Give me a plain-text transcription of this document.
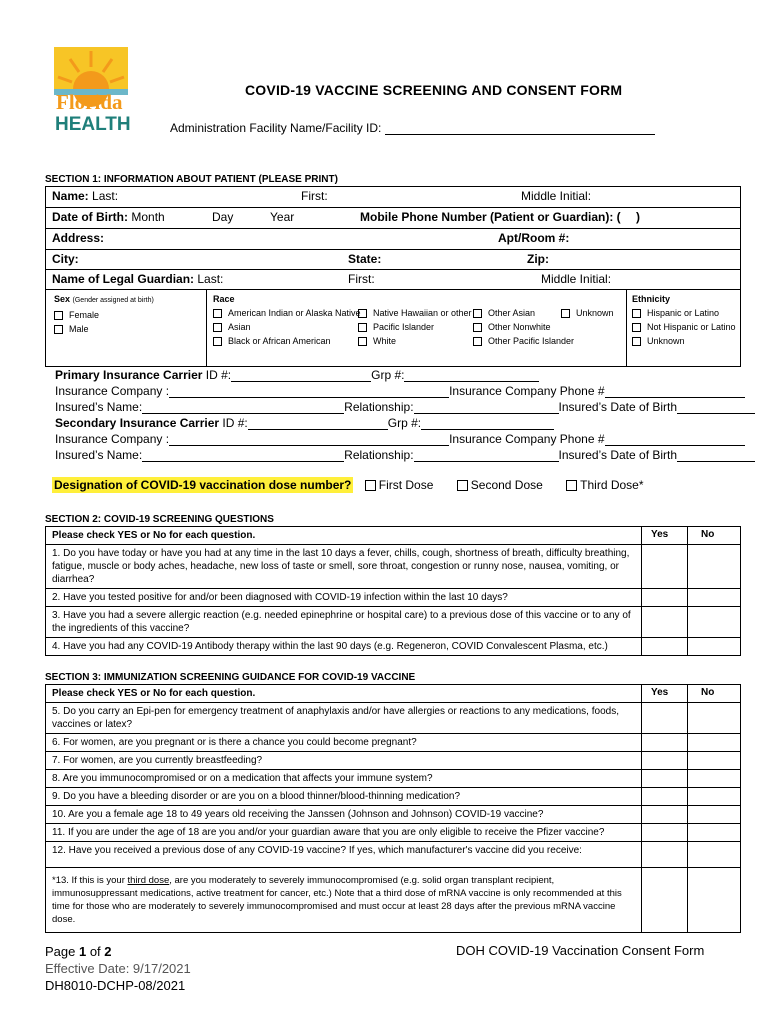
Florida
HEALTH
COVID-19 VACCINE SCREENING AND CONSENT FORM
Administration Facility Name/Facility ID:
SECTION 1: INFORMATION ABOUT PATIENT (PLEASE PRINT)
Name: Last:	First:	Middle Initial:
Date of Birth: Month	Day	Year	Mobile Phone Number (Patient or Guardian): ( )
Address:	Apt/Room #:
City:	State:	Zip:
Name of Legal Guardian: Last:	First:	Middle Initial:
Sex (Gender assigned at birth)
Female
Male
Race
American Indian or Alaska Native
Asian
Black or African American
Native Hawaiian or other
Pacific Islander
White
Other Asian
Other Nonwhite
Other Pacific Islander
Unknown
Ethnicity
Hispanic or Latino
Not Hispanic or Latino
Unknown
Primary Insurance Carrier ID #:	Grp #:
Insurance Company :	Insurance Company Phone #
Insured’s Name:	Relationship:	Insured’s Date of Birth
Secondary Insurance Carrier ID #:	Grp #:
Insurance Company :	Insurance Company Phone #
Insured’s Name:	Relationship:	Insured’s Date of Birth
Designation of COVID-19 vaccination dose number? First Dose	Second Dose	Third Dose*
SECTION 2: COVID-19 SCREENING QUESTIONS
Please check YES or No for each question.	Yes	No
1. Do you have today or have you had at any time in the last 10 days a fever, chills, cough, shortness of breath, difficulty breathing, fatigue, muscle or body aches, headache, new loss of taste or smell, sore throat, congestion or runny nose, nausea, vomiting, or diarrhea?
2. Have you tested positive for and/or been diagnosed with COVID-19 infection within the last 10 days?
3. Have you had a severe allergic reaction (e.g. needed epinephrine or hospital care) to a previous dose of this vaccine or to any of the ingredients of this vaccine?
4. Have you had any COVID-19 Antibody therapy within the last 90 days (e.g. Regeneron, COVID Convalescent Plasma, etc.)
SECTION 3: IMMUNIZATION SCREENING GUIDANCE FOR COVID-19 VACCINE
Please check YES or No for each question.	Yes	No
5. Do you carry an Epi-pen for emergency treatment of anaphylaxis and/or have allergies or reactions to any medications, foods, vaccines or latex?
6. For women, are you pregnant or is there a chance you could become pregnant?
7. For women, are you currently breastfeeding?
8. Are you immunocompromised or on a medication that affects your immune system?
9. Do you have a bleeding disorder or are you on a blood thinner/blood-thinning medication?
10. Are you a female age 18 to 49 years old receiving the Janssen (Johnson and Johnson) COVID-19 vaccine?
11. If you are under the age of 18 are you and/or your guardian aware that you are only eligible to receive the Pfizer vaccine?
12. Have you received a previous dose of any COVID-19 vaccine? If yes, which manufacturer's vaccine did you receive:
*13. If this is your third dose, are you moderately to severely immunocompromised (e.g. solid organ transplant recipient, immunosuppressant medications, active treatment for cancer, etc.) Note that a third dose of mRNA vaccine is only recommended at this time for those who are moderately to severely immunocompromised and must occur at least 28 days after the previous mRNA vaccine dose.
Page 1 of 2
Effective Date: 9/17/2021
DH8010-DCHP-08/2021
DOH COVID-19 Vaccination Consent Form
